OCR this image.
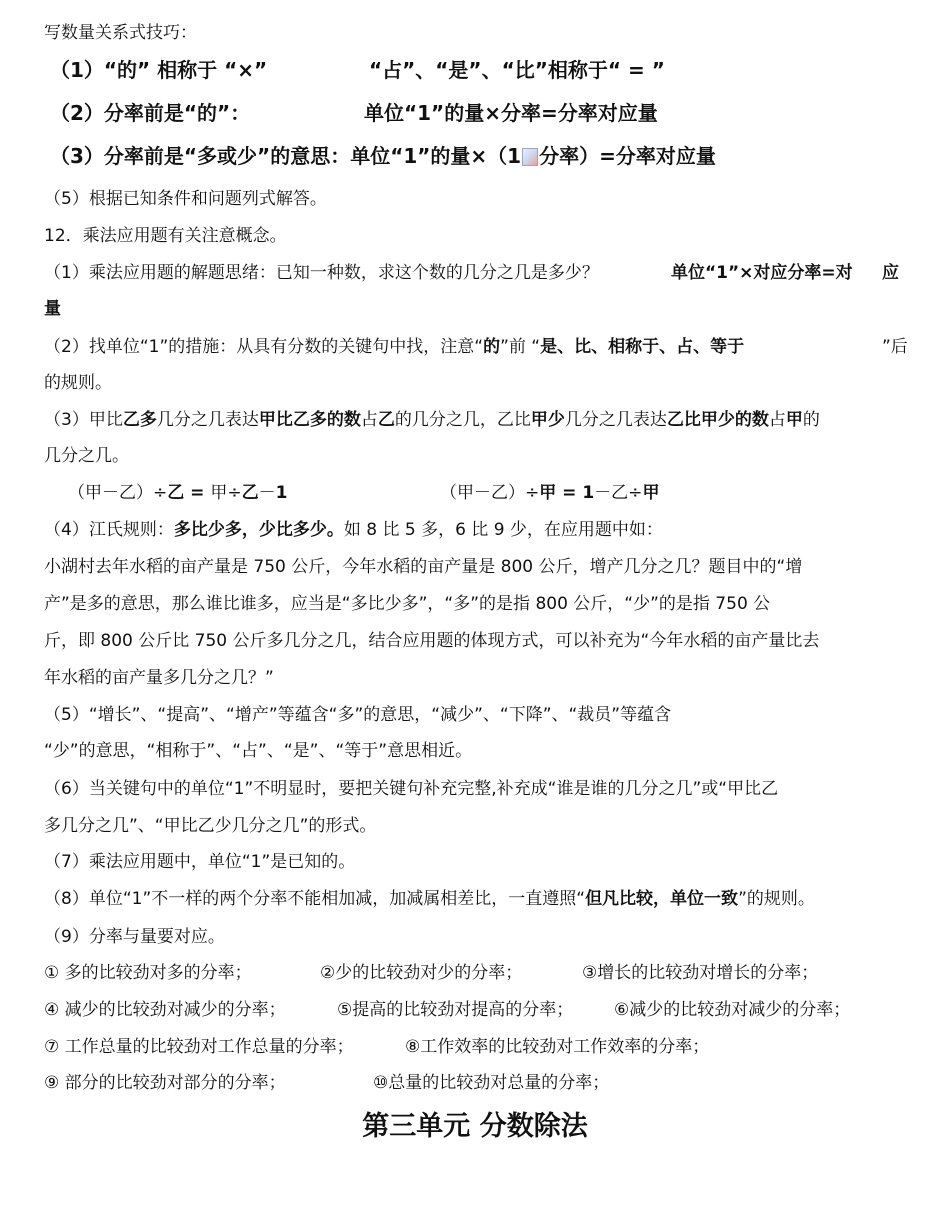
写数量关系式技巧：
（1）“的” 相称于 “×”	“占”、“是”、“比”相称于“ = ”
（2）分率前是“的”：	单位“1”的量×分率=分率对应量
（3）分率前是“多或少”的意思：单位“1”的量×（1 分率）=分率对应量
（5）根据已知条件和问题列式解答。
12．乘法应用题有关注意概念。
（1）乘法应用题的解题思绪：已知一种数，求这个数的几分之几是多少？	单位“1”×对应分率=对 应
量
（2）找单位“1”的措施：从具有分数的关键句中找，注意“的”前 “是、比、相称于、占、等于	”后
的规则。
（3）甲比乙多几分之几表达甲比乙多的数占乙的几分之几，乙比甲少几分之几表达乙比甲少的数占甲的
几分之几。
（甲－乙）÷乙 = 甲÷乙－1	（甲－乙）÷甲 = 1－乙÷甲
（4）江氏规则：多比少多，少比多少。如 8 比 5 多，6 比 9 少，在应用题中如：
小湖村去年水稻的亩产量是 750 公斤，今年水稻的亩产量是 800 公斤，增产几分之几？题目中的“增
产”是多的意思，那么谁比谁多，应当是“多比少多”，“多”的是指 800 公斤，“少”的是指 750 公
斤，即 800 公斤比 750 公斤多几分之几，结合应用题的体现方式，可以补充为“今年水稻的亩产量比去
年水稻的亩产量多几分之几？”
（5）“增长”、“提高”、“增产”等蕴含“多”的意思，“减少”、“下降”、“裁员”等蕴含
“少”的意思，“相称于”、“占”、“是”、“等于”意思相近。
（6）当关键句中的单位“1”不明显时，要把关键句补充完整,补充成“谁是谁的几分之几”或“甲比乙
多几分之几”、“甲比乙少几分之几”的形式。
（7）乘法应用题中，单位“1”是已知的。
（8）单位“1”不一样的两个分率不能相加减，加减属相差比，一直遵照“但凡比较，单位一致”的规则。
（9）分率与量要对应。
① 多的比较劲对多的分率；	②少的比较劲对少的分率；	③增长的比较劲对增长的分率；
④ 减少的比较劲对减少的分率；	⑤提高的比较劲对提高的分率； ⑥减少的比较劲对减少的分率；
⑦ 工作总量的比较劲对工作总量的分率；	⑧工作效率的比较劲对工作效率的分率；
⑨ 部分的比较劲对部分的分率；	⑩总量的比较劲对总量的分率；
第三单元 分数除法
